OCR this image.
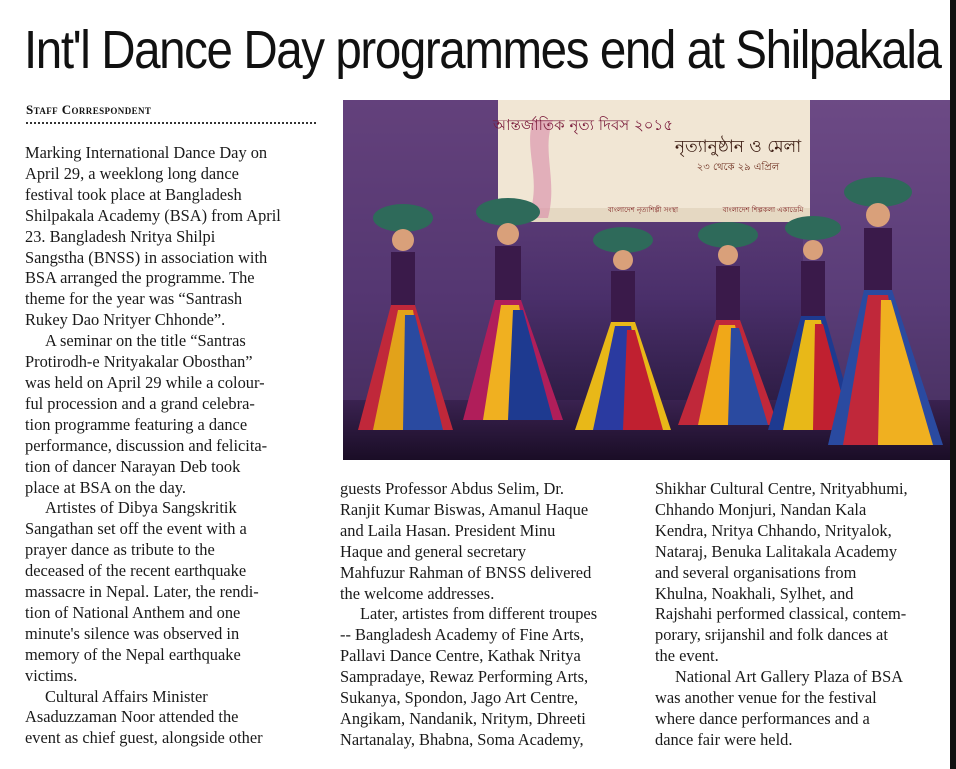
Int'l Dance Day programmes end at Shilpakala
Staff Correspondent
আন্তর্জাতিক নৃত্য দিবস ২০১৫
নৃত্যানুষ্ঠান ও মেলা
২৩ থেকে ২৯ এপ্রিল
বাংলাদেশ নৃত্যশিল্পী সংস্থা	বাংলাদেশ শিল্পকলা একাডেমি

Marking International Dance Day on
April 29, a weeklong long dance
festival took place at Bangladesh
Shilpakala Academy (BSA) from April
23. Bangladesh Nritya Shilpi
Sangstha (BNSS) in association with
BSA arranged the programme. The
theme for the year was “Santrash
Rukey Dao Nrityer Chhonde”.

A seminar on the title “Santras
Protirodh-e Nrityakalar Obosthan”
was held on April 29 while a colour-
ful procession and a grand celebra-
tion programme featuring a dance
performance, discussion and felicita-
tion of dancer Narayan Deb took
place at BSA on the day.

Artistes of Dibya Sangskritik
Sangathan set off the event with a
prayer dance as tribute to the
deceased of the recent earthquake
massacre in Nepal. Later, the rendi-
tion of National Anthem and one
minute's silence was observed in
memory of the Nepal earthquake
victims.

Cultural Affairs Minister
Asaduzzaman Noor attended the
event as chief guest, alongside other

guests Professor Abdus Selim, Dr.
Ranjit Kumar Biswas, Amanul Haque
and Laila Hasan. President Minu
Haque and general secretary
Mahfuzur Rahman of BNSS delivered
the welcome addresses.

Later, artistes from different troupes
-- Bangladesh Academy of Fine Arts,
Pallavi Dance Centre, Kathak Nritya
Sampradaye, Rewaz Performing Arts,
Sukanya, Spondon, Jago Art Centre,
Angikam, Nandanik, Nritym, Dhreeti
Nartanalay, Bhabna, Soma Academy,

Shikhar Cultural Centre, Nrityabhumi,
Chhando Monjuri, Nandan Kala
Kendra, Nritya Chhando, Nrityalok,
Nataraj, Benuka Lalitakala Academy
and several organisations from
Khulna, Noakhali, Sylhet, and
Rajshahi performed classical, contem-
porary, srijanshil and folk dances at
the event.

National Art Gallery Plaza of BSA
was another venue for the festival
where dance performances and a
dance fair were held.
